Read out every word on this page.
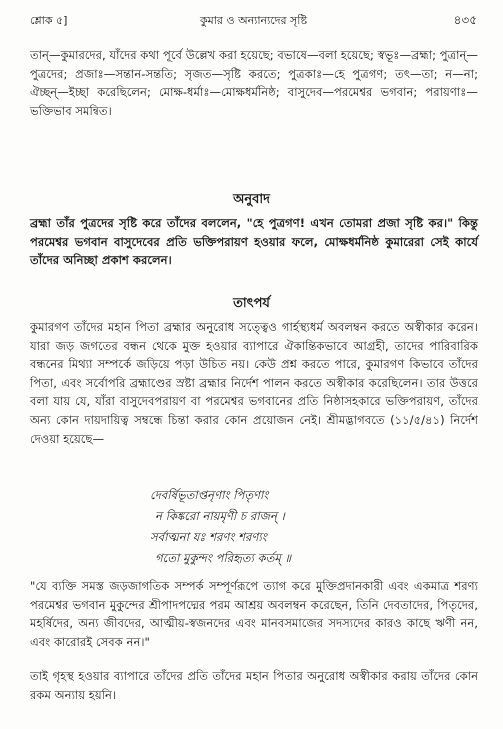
শ্লোক ৫]	কুমার ও অন্যান্যদের সৃষ্টি	৪৩৫
তান্—কুমারদের, যাঁদের কথা পূর্বে উল্লেখ করা হয়েছে; বভাষে—বলা হয়েছে; স্বভূঃ—ব্রহ্মা; পুত্রান্—পুত্রদের; প্রজাঃ—সন্তান-সন্ততি; সৃজত—সৃষ্টি করতে; পুত্রকাঃ—হে পুত্রগণ; তৎ—তা; ন—না; ঐচ্ছন্—ইচ্ছা করেছিলেন; মোক্ষ-ধর্মাঃ—মোক্ষধর্মনিষ্ঠ; বাসুদেব—পরমেশ্বর ভগবান; পরায়ণাঃ—ভক্তিভাব সমন্বিত।
অনুবাদ
ব্রহ্মা তাঁর পুত্রদের সৃষ্টি করে তাঁদের বললেন, "হে পুত্রগণ! এখন তোমরা প্রজা সৃষ্টি কর।" কিন্তু পরমেশ্বর ভগবান বাসুদেবের প্রতি ভক্তিপরায়ণ হওয়ার ফলে, মোক্ষধর্মনিষ্ঠ কুমারেরা সেই কার্যে তাঁদের অনিচ্ছা প্রকাশ করলেন।
তাৎপর্য
কুমারগণ তাঁদের মহান পিতা ব্রহ্মার অনুরোধ সত্ত্বেও গার্হস্থ্যধর্ম অবলম্বন করতে অস্বীকার করেন। যারা জড় জগতের বন্ধন থেকে মুক্ত হওয়ার ব্যাপারে ঐকান্তিকভাবে আগ্রহী, তাদের পারিবারিক বন্ধনের মিথ্যা সম্পর্কে জড়িয়ে পড়া উচিত নয়। কেউ প্রশ্ন করতে পারে, কুমারগণ কিভাবে তাঁদের পিতা, এবং সর্বোপরি ব্রহ্মাণ্ডের স্রষ্টা ব্রহ্মার নির্দেশ পালন করতে অস্বীকার করেছিলেন। তার উত্তরে বলা যায় যে, যাঁরা বাসুদেবপরায়ণ বা পরমেশ্বর ভগবানের প্রতি নিষ্ঠাসহকারে ভক্তিপরায়ণ, তাঁদের অন্য কোন দায়দায়িত্ব সম্বন্ধে চিন্তা করার কোন প্রয়োজন নেই। শ্রীমদ্ভাগবতে (১১/৫/৪১) নির্দেশ দেওয়া হয়েছে—
দেবর্ষিভূতাপ্তনৃণাং পিতৃণাং
ন কিঙ্করো নায়মৃণী চ রাজন্ ।
সর্বাত্মনা যঃ শরণং শরণ্যং
গতো মুকুন্দং পরিহৃত্য কর্তম্ ॥
"যে ব্যক্তি সমস্ত জড়জাগতিক সম্পর্ক সম্পূর্ণরূপে ত্যাগ করে মুক্তিপ্রদানকারী এবং একমাত্র শরণ্য পরমেশ্বর ভগবান মুকুন্দের শ্রীপাদপদ্মের পরম আশ্রয় অবলম্বন করেছেন, তিনি দেবতাদের, পিতৃদের, মহর্ষিদের, অন্য জীবদের, আত্মীয়-স্বজনদের এবং মানবসমাজের সদস্যদের কারও কাছে ঋণী নন, এবং কারোরই সেবক নন।"
তাই গৃহস্থ হওয়ার ব্যাপারে তাঁদের প্রতি তাঁদের মহান পিতার অনুরোধ অস্বীকার করায় তাঁদের কোন রকম অন্যায় হয়নি।
